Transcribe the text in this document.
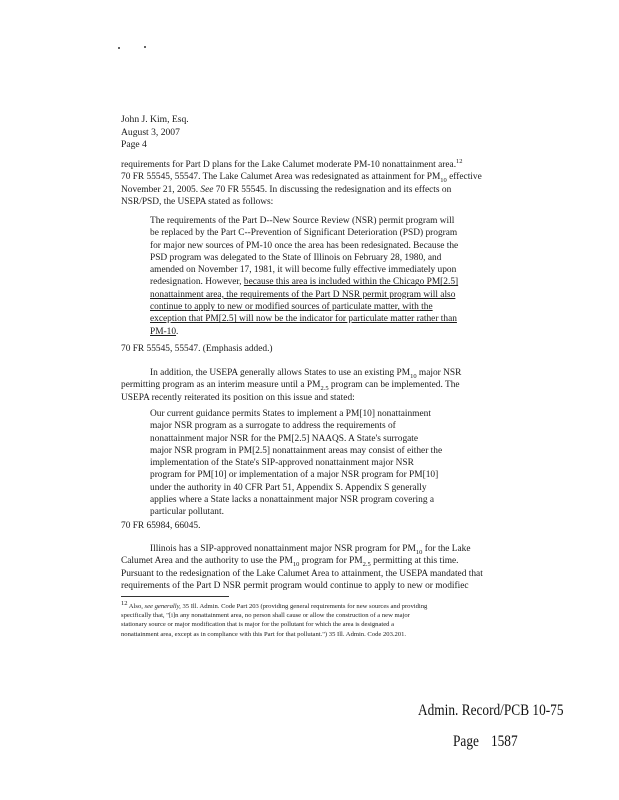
John J. Kim, Esq.
August 3, 2007
Page 4

requirements for Part D plans for the Lake Calumet moderate PM-10 nonattainment area.$^{12}$

70 FR 55545, 55547. The Lake Calumet Area was redesignated as attainment for $PM_{10}$ effective

November 21, 2005. See 70 FR 55545. In discussing the redesignation and its effects on

NSR/PSD, the USEPA stated as follows:

The requirements of the Part D--New Source Review (NSR) permit program will
be replaced by the Part C--Prevention of Significant Deterioration (PSD) program
for major new sources of PM-10 once the area has been redesignated. Because the
PSD program was delegated to the State of Illinois on February 28, 1980, and
amended on November 17, 1981, it will become fully effective immediately upon
redesignation. However, because this area is included within the Chicago PM[2.5]
nonattainment area, the requirements of the Part D NSR permit program will also
continue to apply to new or modified sources of particulate matter, with the
exception that PM[2.5] will now be the indicator for particulate matter rather than
PM-10.

70 FR 55545, 55547. (Emphasis added.)

In addition, the USEPA generally allows States to use an existing $PM_{10}$ major NSR

permitting program as an interim measure until a $PM_{2.5}$ program can be implemented. The

USEPA recently reiterated its position on this issue and stated:

Our current guidance permits States to implement a PM[10] nonattainment
major NSR program as a surrogate to address the requirements of
nonattainment major NSR for the PM[2.5] NAAQS. A State's surrogate
major NSR program in PM[2.5] nonattainment areas may consist of either the
implementation of the State's SIP-approved nonattainment major NSR
program for PM[10] or implementation of a major NSR program for PM[10]
under the authority in 40 CFR Part 51, Appendix S. Appendix S generally
applies where a State lacks a nonattainment major NSR program covering a
particular pollutant.

70 FR 65984, 66045.

Illinois has a SIP-approved nonattainment major NSR program for $PM_{10}$ for the Lake

Calumet Area and the authority to use the $PM_{10}$ program for $PM_{2.5}$ permitting at this time.

Pursuant to the redesignation of the Lake Calumet Area to attainment, the USEPA mandated that

requirements of the Part D NSR permit program would continue to apply to new or modifiec

12 Also, see generally, 35 Ill. Admin. Code Part 203 (providing general requirements for new sources and providing
specifically that, "[i]n any nonattainment area, no person shall cause or allow the construction of a new major
stationary source or major modification that is major for the pollutant for which the area is designated a
nonattainment area, except as in compliance with this Part for that pollutant.") 35 Ill. Admin. Code 203.201.
Admin. Record/PCB 10-75
Page 1587
